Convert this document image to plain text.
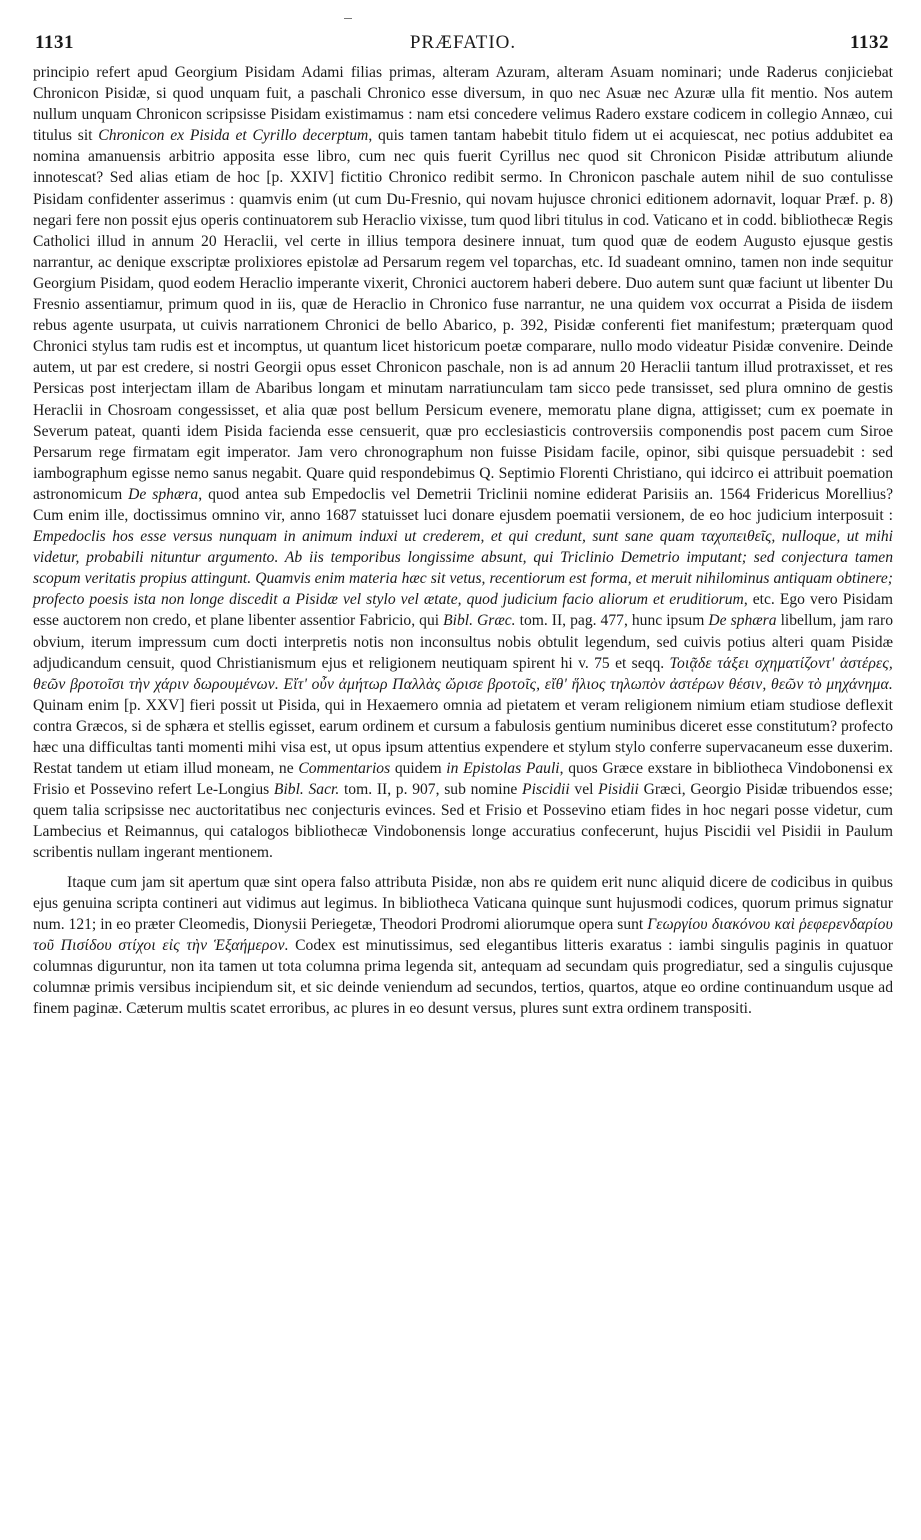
1131	PRÆFATIO.	1132

principio refert apud Georgium Pisidam Adami filias primas, alteram Azuram, alteram Asuam nominari; unde Raderus conjiciebat Chronicon Pisidæ, si quod unquam fuit, a paschali Chronico esse diversum, in quo nec Asuæ nec Azuræ ulla fit mentio. Nos autem nullum unquam Chronicon scripsisse Pisidam existimamus : nam etsi concedere velimus Radero exstare codicem in collegio Annæo, cui titulus sit Chronicon ex Pisida et Cyrillo decerptum, quis tamen tantam habebit titulo fidem ut ei acquiescat, nec potius addubitet ea nomina amanuensis arbitrio apposita esse libro, cum nec quis fuerit Cyrillus nec quod sit Chronicon Pisidæ attributum aliunde innotescat? Sed alias etiam de hoc [p. XXIV] fictitio Chronico redibit sermo. In Chronicon paschale autem nihil de suo contulisse Pisidam confidenter asserimus : quamvis enim (ut cum Du-Fresnio, qui novam hujusce chronici editionem adornavit, loquar Præf. p. 8) negari fere non possit ejus operis continuatorem sub Heraclio vixisse, tum quod libri titulus in cod. Vaticano et in codd. bibliothecæ Regis Catholici illud in annum 20 Heraclii, vel certe in illius tempora desinere innuat, tum quod quæ de eodem Augusto ejusque gestis narrantur, ac denique exscriptæ prolixiores epistolæ ad Persarum regem vel toparchas, etc. Id suadeant omnino, tamen non inde sequitur Georgium Pisidam, quod eodem Heraclio imperante vixerit, Chronici auctorem haberi debere. Duo autem sunt quæ faciunt ut libenter Du Fresnio assentiamur, primum quod in iis, quæ de Heraclio in Chronico fuse narrantur, ne una quidem vox occurrat a Pisida de iisdem rebus agente usurpata, ut cuivis narrationem Chronici de bello Abarico, p. 392, Pisidæ conferenti fiet manifestum; præterquam quod Chronici stylus tam rudis est et incomptus, ut quantum licet historicum poetæ comparare, nullo modo videatur Pisidæ convenire. Deinde autem, ut par est credere, si nostri Georgii opus esset Chronicon paschale, non is ad annum 20 Heraclii tantum illud protraxisset, et res Persicas post interjectam illam de Abaribus longam et minutam narratiunculam tam sicco pede transisset, sed plura omnino de gestis Heraclii in Chosroam congessisset, et alia quæ post bellum Persicum evenere, memoratu plane digna, attigisset; cum ex poemate in Severum pateat, quanti idem Pisida facienda esse censuerit, quæ pro ecclesiasticis controversiis componendis post pacem cum Siroe Persarum rege firmatam egit imperator. Jam vero chronographum non fuisse Pisidam facile, opinor, sibi quisque persuadebit : sed iambographum egisse nemo sanus negabit. Quare quid respondebimus Q. Septimio Florenti Christiano, qui idcirco ei attribuit poemation astronomicum De sphæra, quod antea sub Empedoclis vel Demetrii Triclinii nomine ediderat Parisiis an. 1564 Fridericus Morellius? Cum enim ille, doctissimus omnino vir, anno 1687 statuisset luci donare ejusdem poematii versionem, de eo hoc judicium interposuit : Empedoclis hos esse versus nunquam in animum induxi ut crederem, et qui credunt, sunt sane quam ταχυπειθεῖς, nulloque, ut mihi videtur, probabili nituntur argumento. Ab iis temporibus longissime absunt, qui Triclinio Demetrio imputant; sed conjectura tamen scopum veritatis propius attingunt. Quamvis enim materia hæc sit vetus, recentiorum est forma, et meruit nihilominus antiquam obtinere; profecto poesis ista non longe discedit a Pisidæ vel stylo vel ætate, quod judicium facio aliorum et eruditiorum, etc. Ego vero Pisidam esse auctorem non credo, et plane libenter assentior Fabricio, qui Bibl. Græc. tom. II, pag. 477, hunc ipsum De sphæra libellum, jam raro obvium, iterum impressum cum docti interpretis notis non inconsultus nobis obtulit legendum, sed cuivis potius alteri quam Pisidæ adjudicandum censuit, quod Christianismum ejus et religionem neutiquam spirent hi v. 75 et seqq. Τοιᾷδε τάξει σχηματίζοντ' ἀστέρες, θεῶν βροτοῖσι τὴν χάριν δωρουμένων. Εἴτ' οὖν ἀμήτωρ Παλλὰς ὤρισε βροτοῖς, εἴθ' ἥλιος τηλωπὸν ἀστέρων θέσιν, θεῶν τὸ μηχάνημα. Quinam enim [p. XXV] fieri possit ut Pisida, qui in Hexaemero omnia ad pietatem et veram religionem nimium etiam studiose deflexit contra Græcos, si de sphæra et stellis egisset, earum ordinem et cursum a fabulosis gentium numinibus diceret esse constitutum? profecto hæc una difficultas tanti momenti mihi visa est, ut opus ipsum attentius expendere et stylum stylo conferre supervacaneum esse duxerim. Restat tandem ut etiam illud moneam, ne Commentarios quidem in Epistolas Pauli, quos Græce exstare in bibliotheca Vindobonensi ex Frisio et Possevino refert Le-Longius Bibl. Sacr. tom. II, p. 907, sub nomine Piscidii vel Pisidii Græci, Georgio Pisidæ tribuendos esse; quem talia scripsisse nec auctoritatibus nec conjecturis evinces. Sed et Frisio et Possevino etiam fides in hoc negari posse videtur, cum Lambecius et Reimannus, qui catalogos bibliothecæ Vindobonensis longe accuratius confecerunt, hujus Piscidii vel Pisidii in Paulum scribentis nullam ingerant mentionem.

Itaque cum jam sit apertum quæ sint opera falso attributa Pisidæ, non abs re quidem erit nunc aliquid dicere de codicibus in quibus ejus genuina scripta contineri aut vidimus aut legimus. In bibliotheca Vaticana quinque sunt hujusmodi codices, quorum primus signatur num. 121; in eo præter Cleomedis, Dionysii Periegetæ, Theodori Prodromi aliorumque opera sunt Γεωργίου διακόνου καὶ ῥεφερενδαρίου τοῦ Πισίδου στίχοι εἰς τὴν Ἑξαήμερον. Codex est minutissimus, sed elegantibus litteris exaratus : iambi singulis paginis in quatuor columnas diguruntur, non ita tamen ut tota columna prima legenda sit, antequam ad secundam quis progrediatur, sed a singulis cujusque columnæ primis versibus incipiendum sit, et sic deinde veniendum ad secundos, tertios, quartos, atque eo ordine continuandum usque ad finem paginæ. Cæterum multis scatet erroribus, ac plures in eo desunt versus, plures sunt extra ordinem transpositi.
